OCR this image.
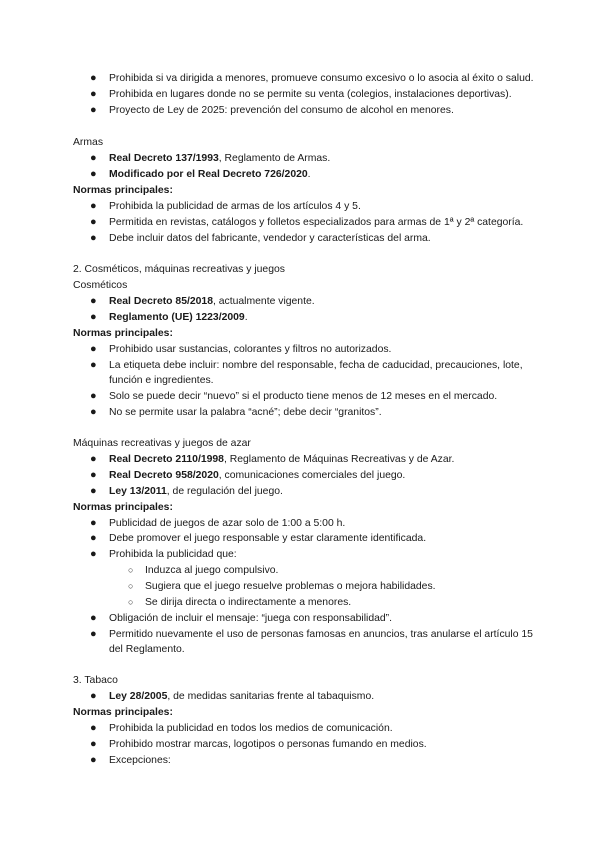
● Prohibida si va dirigida a menores, promueve consumo excesivo o lo asocia al éxito o salud.
● Prohibida en lugares donde no se permite su venta (colegios, instalaciones deportivas).
● Proyecto de Ley de 2025: prevención del consumo de alcohol en menores.
Armas
● Real Decreto 137/1993, Reglamento de Armas.
● Modificado por el Real Decreto 726/2020.
Normas principales:
● Prohibida la publicidad de armas de los artículos 4 y 5.
● Permitida en revistas, catálogos y folletos especializados para armas de 1ª y 2ª categoría.
● Debe incluir datos del fabricante, vendedor y características del arma.
2. Cosméticos, máquinas recreativas y juegos
Cosméticos
● Real Decreto 85/2018, actualmente vigente.
● Reglamento (UE) 1223/2009.
Normas principales:
● Prohibido usar sustancias, colorantes y filtros no autorizados.
● La etiqueta debe incluir: nombre del responsable, fecha de caducidad, precauciones, lote,
función e ingredientes.
● Solo se puede decir “nuevo” si el producto tiene menos de 12 meses en el mercado.
● No se permite usar la palabra “acné”; debe decir “granitos”.
Máquinas recreativas y juegos de azar
● Real Decreto 2110/1998, Reglamento de Máquinas Recreativas y de Azar.
● Real Decreto 958/2020, comunicaciones comerciales del juego.
● Ley 13/2011, de regulación del juego.
Normas principales:
● Publicidad de juegos de azar solo de 1:00 a 5:00 h.
● Debe promover el juego responsable y estar claramente identificada.
● Prohibida la publicidad que:
○ Induzca al juego compulsivo.
○ Sugiera que el juego resuelve problemas o mejora habilidades.
○ Se dirija directa o indirectamente a menores.
● Obligación de incluir el mensaje: “juega con responsabilidad”.
● Permitido nuevamente el uso de personas famosas en anuncios, tras anularse el artículo 15
del Reglamento.
3. Tabaco
● Ley 28/2005, de medidas sanitarias frente al tabaquismo.
Normas principales:
● Prohibida la publicidad en todos los medios de comunicación.
● Prohibido mostrar marcas, logotipos o personas fumando en medios.
● Excepciones:
